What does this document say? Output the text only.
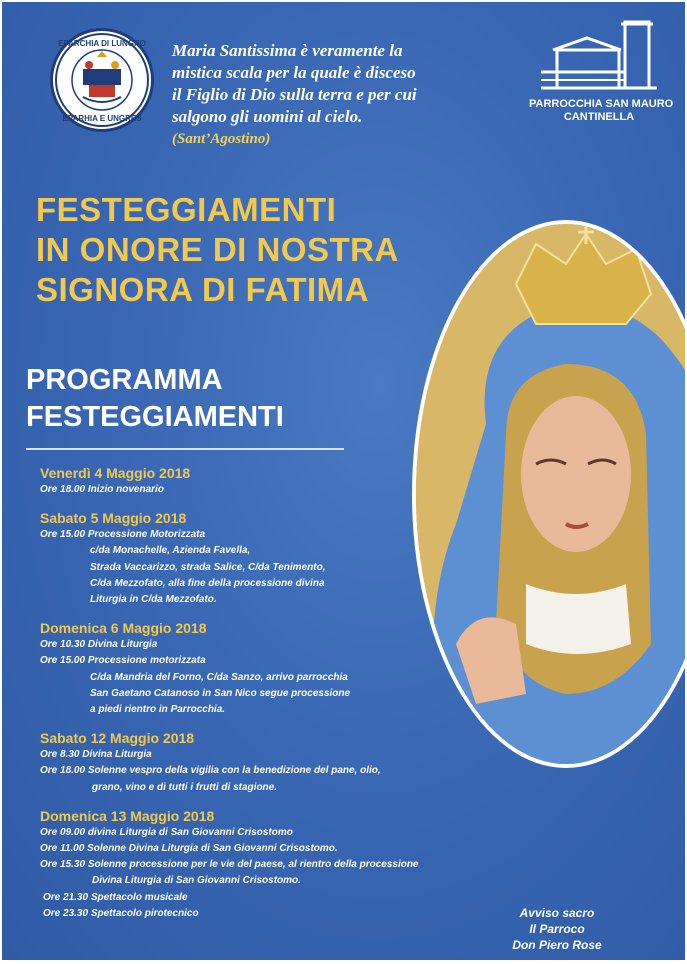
EPARCHIA DI LUNGRO
EPARHIA E UNGRES
Maria Santissima è veramente la
mistica scala per la quale è disceso
il Figlio di Dio sulla terra e per cui
salgono gli uomini al cielo.
(Sant’Agostino)
PARROCCHIA SAN MAURO
CANTINELLA
FESTEGGIAMENTI
IN ONORE DI NOSTRA
SIGNORA DI FATIMA
PROGRAMMA
FESTEGGIAMENTI
Venerdì 4 Maggio 2018
Ore 18.00 Inizio novenario
Sabato 5 Maggio 2018
Ore 15.00 Processione Motorizzata
c/da Monachelle, Azienda Favella,
Strada Vaccarizzo, strada Salice, C/da Tenimento,
C/da Mezzofato, alla fine della processione divina
Liturgia in C/da Mezzofato.
Domenica 6 Maggio 2018
Ore 10.30 Divina Liturgia
Ore 15.00 Processione motorizzata
C/da Mandria del Forno, C/da Sanzo, arrivo parrocchia
San Gaetano Catanoso in San Nico segue processione
a piedi rientro in Parrocchia.
Sabato 12 Maggio 2018
Ore 8.30 Divina Liturgia
Ore 18.00 Solenne vespro della vigilia con la benedizione del pane, olio,
grano, vino e di tutti i frutti di stagione.
Domenica 13 Maggio 2018
Ore 09.00 divina Liturgia di San Giovanni Crisostomo
Ore 11.00 Solenne Divina Liturgia di San Giovanni Crisostomo.
Ore 15.30 Solenne processione per le vie del paese, al rientro della processione
Divina Liturgia di San Giovanni Crisostomo.
Ore 21.30 Spettacolo musicale
Ore 23.30 Spettacolo pirotecnico	Avviso sacro
Il Parroco
Don Piero Rose
